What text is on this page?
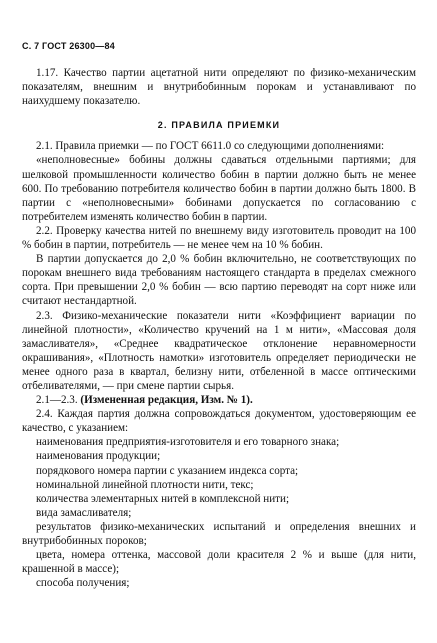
С. 7 ГОСТ 26300—84

1.17. Качество партии ацетатной нити определяют по физико-механическим показателям, внешним и внутрибобинным порокам и устанавливают по наихудшему показателю.

2. ПРАВИЛА ПРИЕМКИ

2.1. Правила приемки — по ГОСТ 6611.0 со следующими дополнениями:

«неполновесные» бобины должны сдаваться отдельными партиями; для шелковой промышленности количество бобин в партии должно быть не менее 600. По требованию потребителя количество бобин в партии должно быть 1800. В партии с «неполновесными» бобинами допускается по согласованию с потребителем изменять количество бобин в партии.

2.2. Проверку качества нитей по внешнему виду изготовитель проводит на 100 % бобин в партии, потребитель — не менее чем на 10 % бобин.

В партии допускается до 2,0 % бобин включительно, не соответствующих по порокам внешнего вида требованиям настоящего стандарта в пределах смежного сорта. При превышении 2,0 % бобин — всю партию переводят на сорт ниже или считают нестандартной.

2.3. Физико-механические показатели нити «Коэффициент вариации по линейной плотности», «Количество кручений на 1 м нити», «Массовая доля замасливателя», «Среднее квадратическое отклонение неравномерности окрашивания», «Плотность намотки» изготовитель определяет периодически не менее одного раза в квартал, белизну нити, отбеленной в массе оптическими отбеливателями, — при смене партии сырья.

2.1—2.3. (Измененная редакция, Изм. № 1).

2.4. Каждая партия должна сопровождаться документом, удостоверяющим ее качество, с указанием:

наименования предприятия-изготовителя и его товарного знака;

наименования продукции;

порядкового номера партии с указанием индекса сорта;

номинальной линейной плотности нити, текс;

количества элементарных нитей в комплексной нити;

вида замасливателя;

результатов физико-механических испытаний и определения внешних и внутрибобинных пороков;

цвета, номера оттенка, массовой доли красителя 2 % и выше (для нити, крашенной в массе);

способа получения;
